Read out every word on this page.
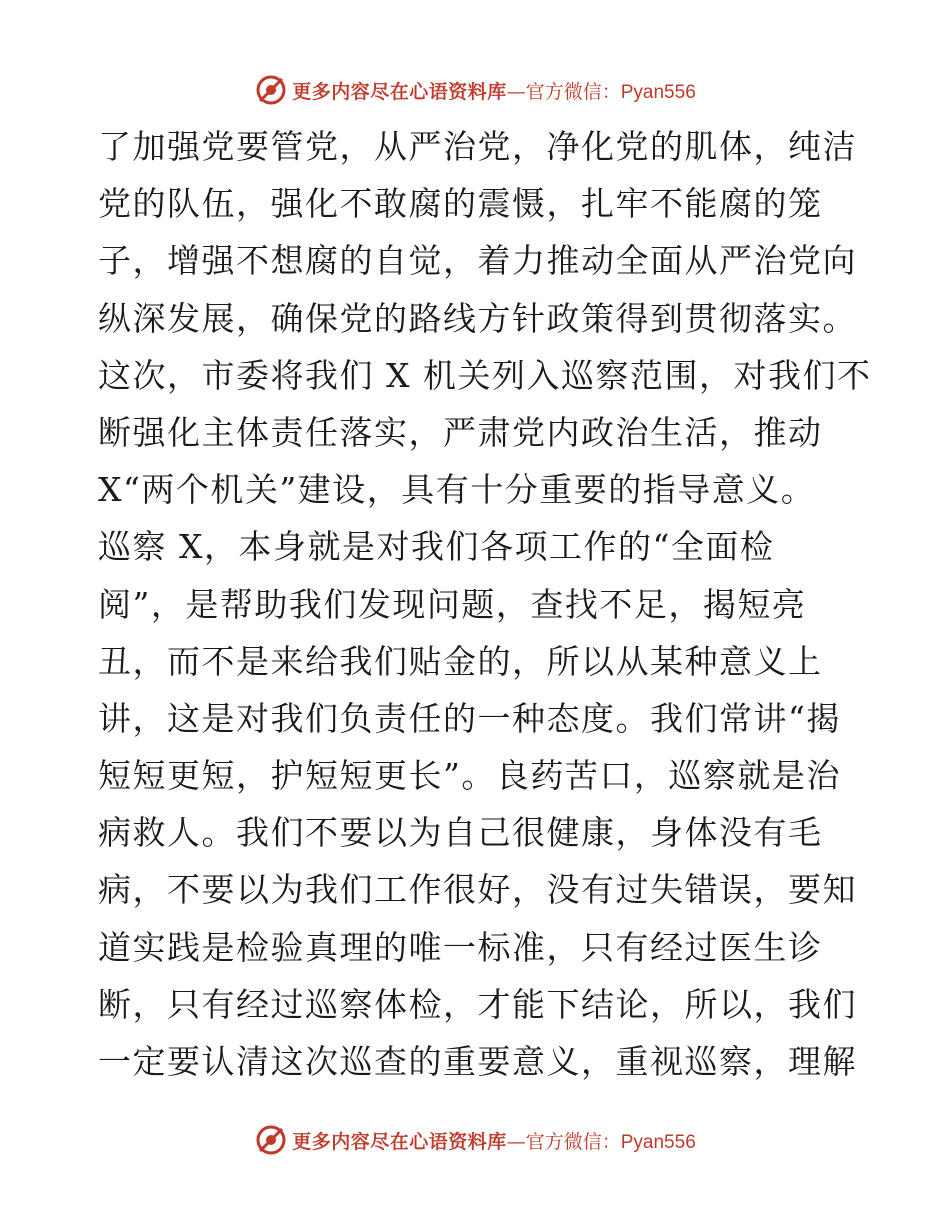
更多内容尽在心语资料库 — 官方微信： Pyan556
了加强党要管党，从严治党，净化党的肌体，纯洁
党的队伍，强化不敢腐的震慑，扎牢不能腐的笼
子，增强不想腐的自觉，着力推动全面从严治党向
纵深发展，确保党的路线方针政策得到贯彻落实。
这次，市委将我们 X 机关列入巡察范围，对我们不
断强化主体责任落实，严肃党内政治生活，推动
X“两个机关”建设，具有十分重要的指导意义。
巡察 X，本身就是对我们各项工作的“全面检
阅”，是帮助我们发现问题，查找不足，揭短亮
丑，而不是来给我们贴金的，所以从某种意义上
讲，这是对我们负责任的一种态度。我们常讲“揭
短短更短，护短短更长”。良药苦口，巡察就是治
病救人。我们不要以为自己很健康，身体没有毛
病，不要以为我们工作很好，没有过失错误，要知
道实践是检验真理的唯一标准，只有经过医生诊
断，只有经过巡察体检，才能下结论，所以，我们
一定要认清这次巡查的重要意义，重视巡察，理解
更多内容尽在心语资料库 — 官方微信： Pyan556
